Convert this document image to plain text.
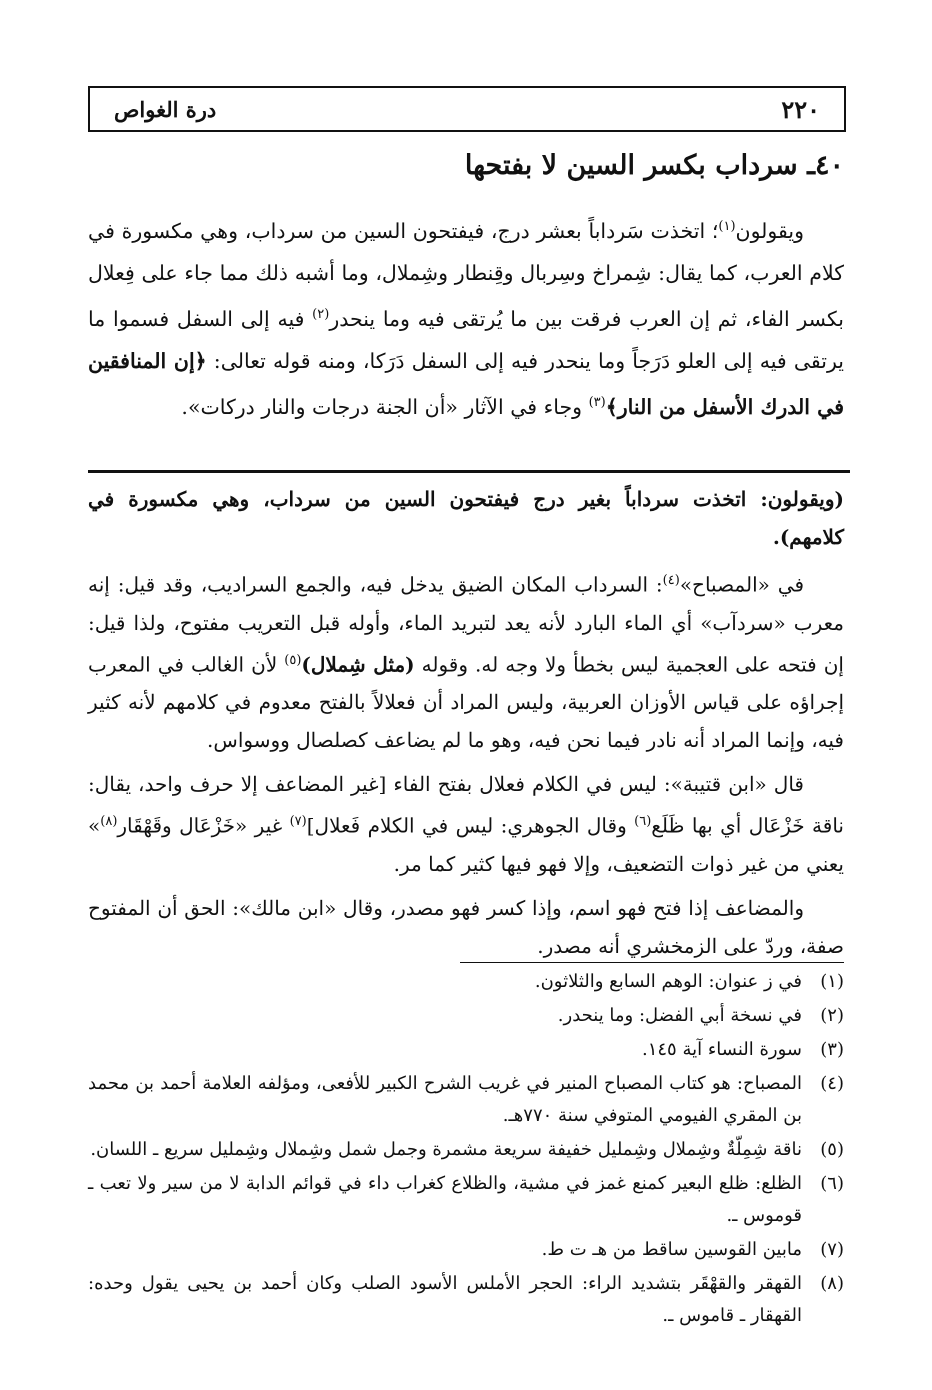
٢٢٠
درة الغواص
٤٠ـ سرداب بكسر السين لا بفتحها

ويقولون$^{(١)}$؛ اتخذت سَرداباً بعشر درج، فيفتحون السين من سرداب، وهي مكسورة في كلام العرب، كما يقال: شِمراخ وسِربال وقِنطار وشِملال، وما أشبه ذلك مما جاء على فِعلال بكسر الفاء، ثم إن العرب فرقت بين ما يُرتقى فيه وما ينحدر$^{(٢)}$ فيه إلى السفل فسموا ما يرتقى فيه إلى العلو دَرَجاً وما ينحدر فيه إلى السفل دَرَكا، ومنه قوله تعالى: ﴿إن المنافقين في الدرك الأسفل من النار﴾$^{(٣)}$ وجاء في الآثار «أن الجنة درجات والنار دركات».

(ويقولون: اتخذت سرداباً بغير درج فيفتحون السين من سرداب، وهي مكسورة في كلامهم).

في «المصباح»$^{(٤)}$: السرداب المكان الضيق يدخل فيه، والجمع السراديب، وقد قيل: إنه معرب «سردآب» أي الماء البارد لأنه يعد لتبريد الماء، وأوله قبل التعريب مفتوح، ولذا قيل: إن فتحه على العجمية ليس بخطأ ولا وجه له. وقوله (مثل شِملال)$^{(٥)}$ لأن الغالب في المعرب إجراؤه على قياس الأوزان العربية، وليس المراد أن فعلالاً بالفتح معدوم في كلامهم لأنه كثير فيه، وإنما المراد أنه نادر فيما نحن فيه، وهو ما لم يضاعف كصلصال ووسواس.

قال «ابن قتيبة»: ليس في الكلام فعلال بفتح الفاء [غير المضاعف إلا حرف واحد، يقال: ناقة خَزْعَال أي بها ظَلَع$^{(٦)}$ وقال الجوهري: ليس في الكلام فَعلال]$^{(٧)}$ غير «خَزْعَال وقَهْقَار$^{(٨)}$» يعني من غير ذوات التضعيف، وإلا فهو فيها كثير كما مر.

والمضاعف إذا فتح فهو اسم، وإذا كسر فهو مصدر، وقال «ابن مالك»: الحق أن المفتوح صفة، وردّ على الزمخشري أنه مصدر.

(١)
في ز عنوان: الوهم السابع والثلاثون.
(٢)
في نسخة أبي الفضل: وما ينحدر.
(٣)
سورة النساء آية ١٤٥.
(٤)
المصباح: هو كتاب المصباح المنير في غريب الشرح الكبير للأفعى، ومؤلفه العلامة أحمد بن محمد بن المقري الفيومي المتوفي سنة ٧٧٠هـ.
(٥)
ناقة شِمِلّةٌ وشِملال وشِمليل خفيفة سريعة مشمرة وجمل شمل وشِملال وشِمليل سريع ـ اللسان.
(٦)
الظلع: ظلع البعير كمنع غمز في مشية، والظلاع كغراب داء في قوائم الدابة لا من سير ولا تعب ـ قوموس ـ.
(٧)
مابين القوسين ساقط من هـ ت ط.
(٨)
القهقر والقهْقَر بتشديد الراء: الحجر الأملس الأسود الصلب وكان أحمد بن يحيى يقول وحده: القهقار ـ قاموس ـ.
